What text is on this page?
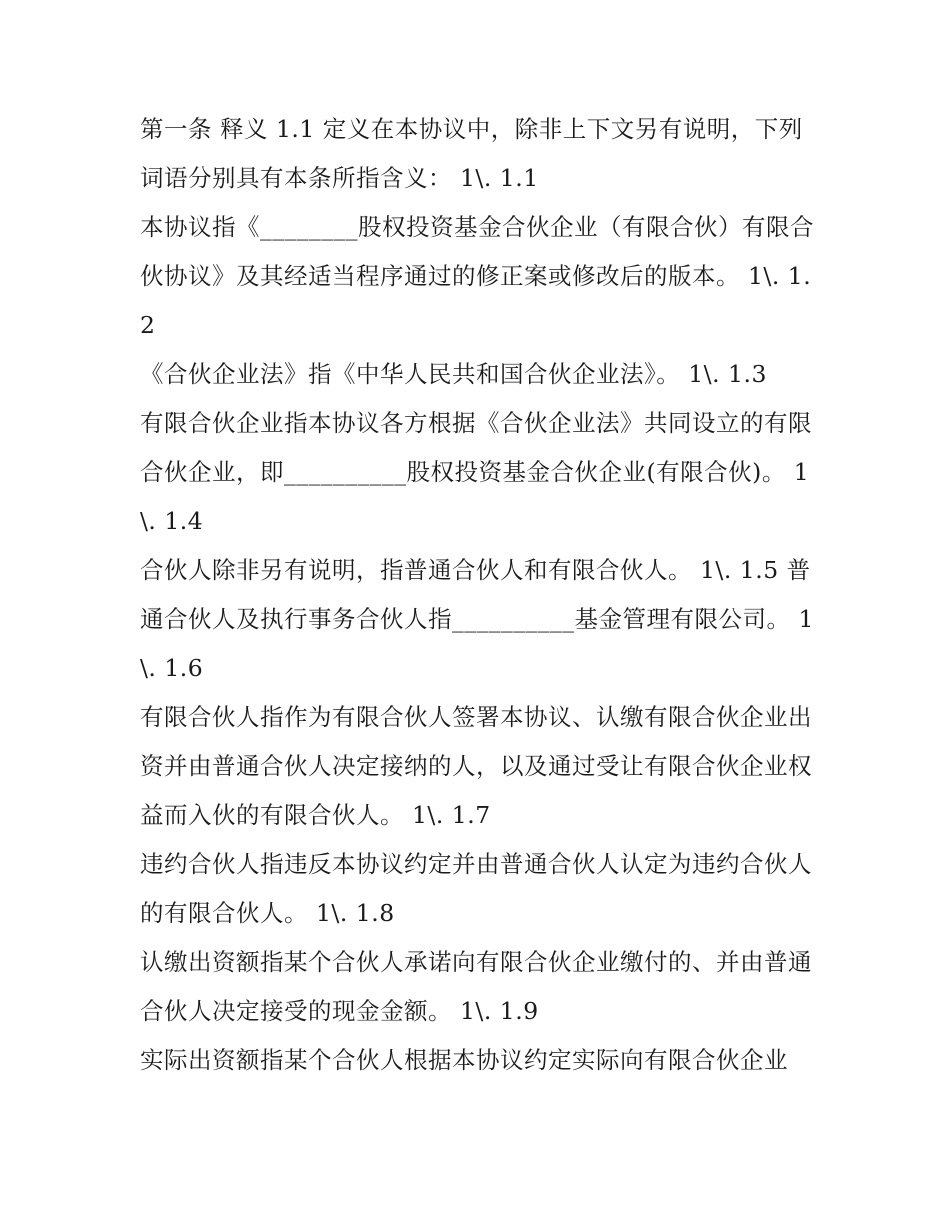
第一条 释义 1.1 定义在本协议中，除非上下文另有说明，下列词语分别具有本条所指含义： 1\. 1.1

本协议指《________股权投资基金合伙企业（有限合伙）有限合伙协议》及其经适当程序通过的修正案或修改后的版本。 1\. 1.2

《合伙企业法》指《中华人民共和国合伙企业法》。 1\. 1.3

有限合伙企业指本协议各方根据《合伙企业法》共同设立的有限合伙企业，即__________股权投资基金合伙企业(有限合伙)。 1\. 1.4

合伙人除非另有说明，指普通合伙人和有限合伙人。 1\. 1.5 普通合伙人及执行事务合伙人指__________基金管理有限公司。 1\. 1.6

有限合伙人指作为有限合伙人签署本协议、认缴有限合伙企业出资并由普通合伙人决定接纳的人，以及通过受让有限合伙企业权益而入伙的有限合伙人。 1\. 1.7

违约合伙人指违反本协议约定并由普通合伙人认定为违约合伙人的有限合伙人。 1\. 1.8

认缴出资额指某个合伙人承诺向有限合伙企业缴付的、并由普通合伙人决定接受的现金金额。 1\. 1.9

实际出资额指某个合伙人根据本协议约定实际向有限合伙企业
